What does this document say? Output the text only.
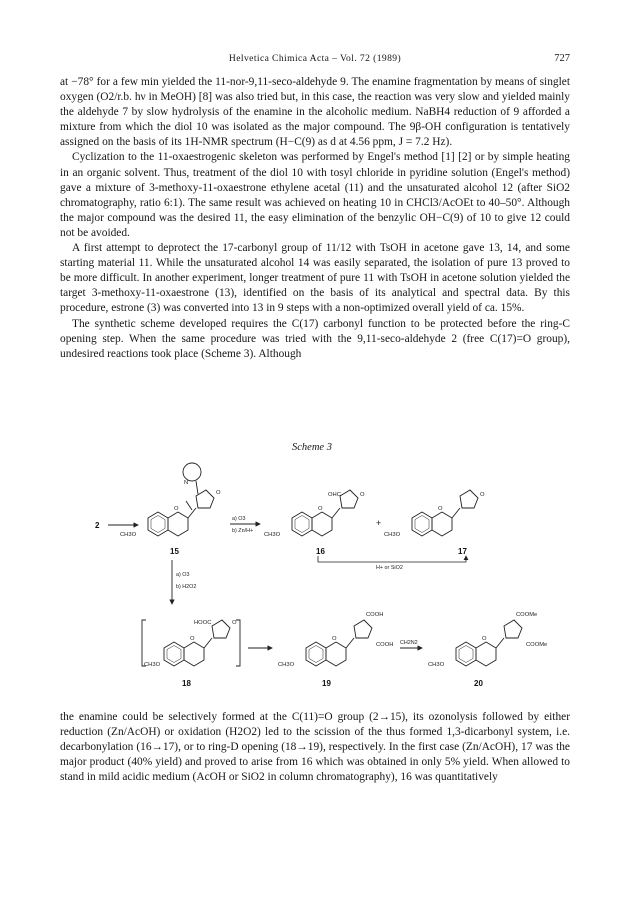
Helvetica Chimica Acta – Vol. 72 (1989)	727

at −78° for a few min yielded the 11-nor-9,11-seco-aldehyde 9. The enamine fragmentation by means of singlet oxygen (O2/r.b. hν in MeOH) [8] was also tried but, in this case, the reaction was very slow and yielded mainly the aldehyde 7 by slow hydrolysis of the enamine in the alcoholic medium. NaBH4 reduction of 9 afforded a mixture from which the diol 10 was isolated as the major compound. The 9β-OH configuration is tentatively assigned on the basis of its 1H-NMR spectrum (H−C(9) as d at 4.56 ppm, J = 7.2 Hz).

Cyclization to the 11-oxaestrogenic skeleton was performed by Engel's method [1] [2] or by simple heating in an organic solvent. Thus, treatment of the diol 10 with tosyl chloride in pyridine solution (Engel's method) gave a mixture of 3-methoxy-11-oxaestrone ethylene acetal (11) and the unsaturated alcohol 12 (after SiO2 chromatography, ratio 6:1). The same result was achieved on heating 10 in CHCl3/AcOEt to 40–50°. Although the major compound was the desired 11, the easy elimination of the benzylic OH−C(9) of 10 to give 12 could not be avoided.

A first attempt to deprotect the 17-carbonyl group of 11/12 with TsOH in acetone gave 13, 14, and some starting material 11. While the unsaturated alcohol 14 was easily separated, the isolation of pure 13 proved to be more difficult. In another experiment, longer treatment of pure 11 with TsOH in acetone solution yielded the target 3-methoxy-11-oxaestrone (13), identified on the basis of its analytical and spectral data. By this procedure, estrone (3) was converted into 13 in 9 steps with a non-optimized overall yield of ca. 15%.

The synthetic scheme developed requires the C(17) carbonyl function to be protected before the ring-C opening step. When the same procedure was tried with the 9,11-seco-aldehyde 2 (free C(17)=O group), undesired reactions took place (Scheme 3). Although

Scheme 3
2
CH3O
N
O
O
15
a) O3
b) Zn/H+
CH3O
OHC	O
O
16
+
CH3O
O
O
17
H+ or SiO2
a) O3
b) H2O2
CH3O
HOOC	O
O
18
CH3O
COOH
COOH
O
19
CH2N2
CH3O
COOMe
COOMe
O
20

the enamine could be selectively formed at the C(11)=O group (2→15), its ozonolysis followed by either reduction (Zn/AcOH) or oxidation (H2O2) led to the scission of the thus formed 1,3-dicarbonyl system, i.e. decarbonylation (16→17), or to ring-D opening (18→19), respectively. In the first case (Zn/AcOH), 17 was the major product (40% yield) and proved to arise from 16 which was obtained in only 5% yield. When allowed to stand in mild acidic medium (AcOH or SiO2 in column chromatography), 16 was quantitatively
